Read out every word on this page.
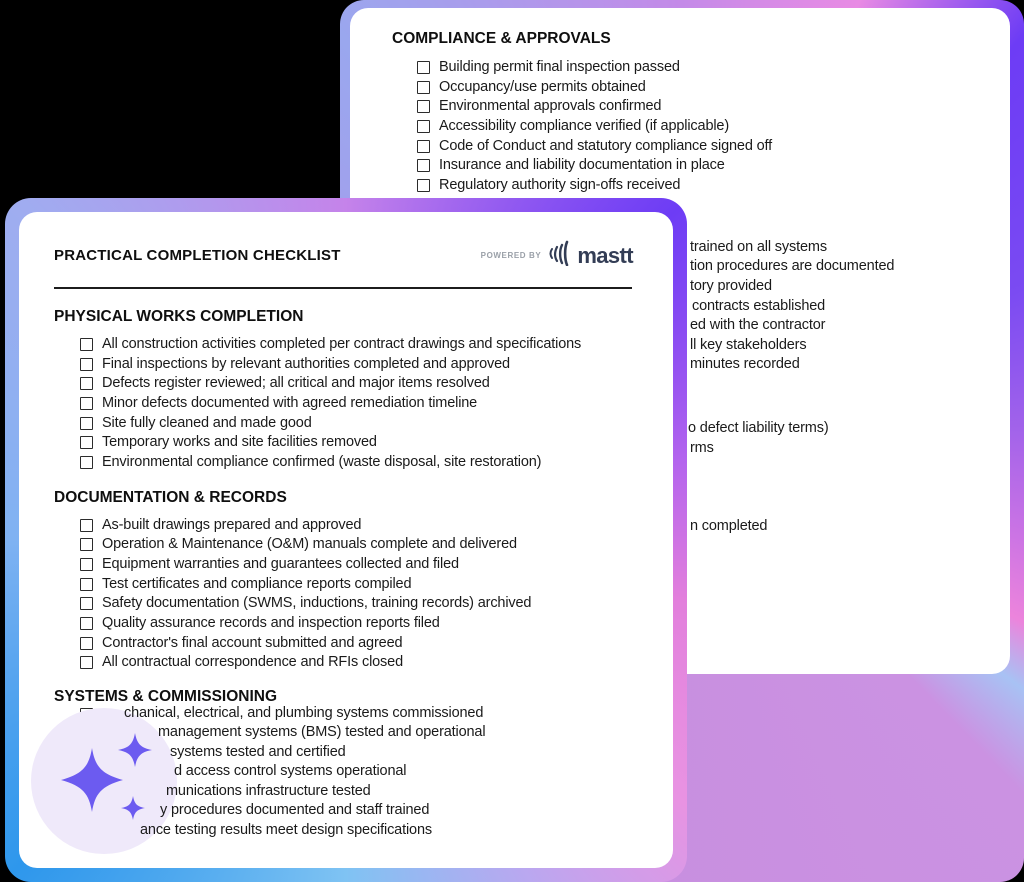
COMPLIANCE & APPROVALS
Building permit final inspection passed
Occupancy/use permits obtained
Environmental approvals confirmed
Accessibility compliance verified (if applicable)
Code of Conduct and statutory compliance signed off
Insurance and liability documentation in place
Regulatory authority sign-offs received
trained on all systems
tion procedures are documented
tory provided
contracts established
ed with the contractor
ll key stakeholders
minutes recorded
o defect liability terms)
rms
n completed
PRACTICAL COMPLETION CHECKLIST	POWERED BY mastt
PHYSICAL WORKS COMPLETION
All construction activities completed per contract drawings and specifications
Final inspections by relevant authorities completed and approved
Defects register reviewed; all critical and major items resolved
Minor defects documented with agreed remediation timeline
Site fully cleaned and made good
Temporary works and site facilities removed
Environmental compliance confirmed (waste disposal, site restoration)
DOCUMENTATION & RECORDS
As-built drawings prepared and approved
Operation & Maintenance (O&M) manuals complete and delivered
Equipment warranties and guarantees collected and filed
Test certificates and compliance reports compiled
Safety documentation (SWMS, inductions, training records) archived
Quality assurance records and inspection reports filed
Contractor's final account submitted and agreed
All contractual correspondence and RFIs closed
SYSTEMS & COMMISSIONING
chanical, electrical, and plumbing systems commissioned
management systems (BMS) tested and operational
systems tested and certified
d access control systems operational
munications infrastructure tested
y procedures documented and staff trained
ance testing results meet design specifications
